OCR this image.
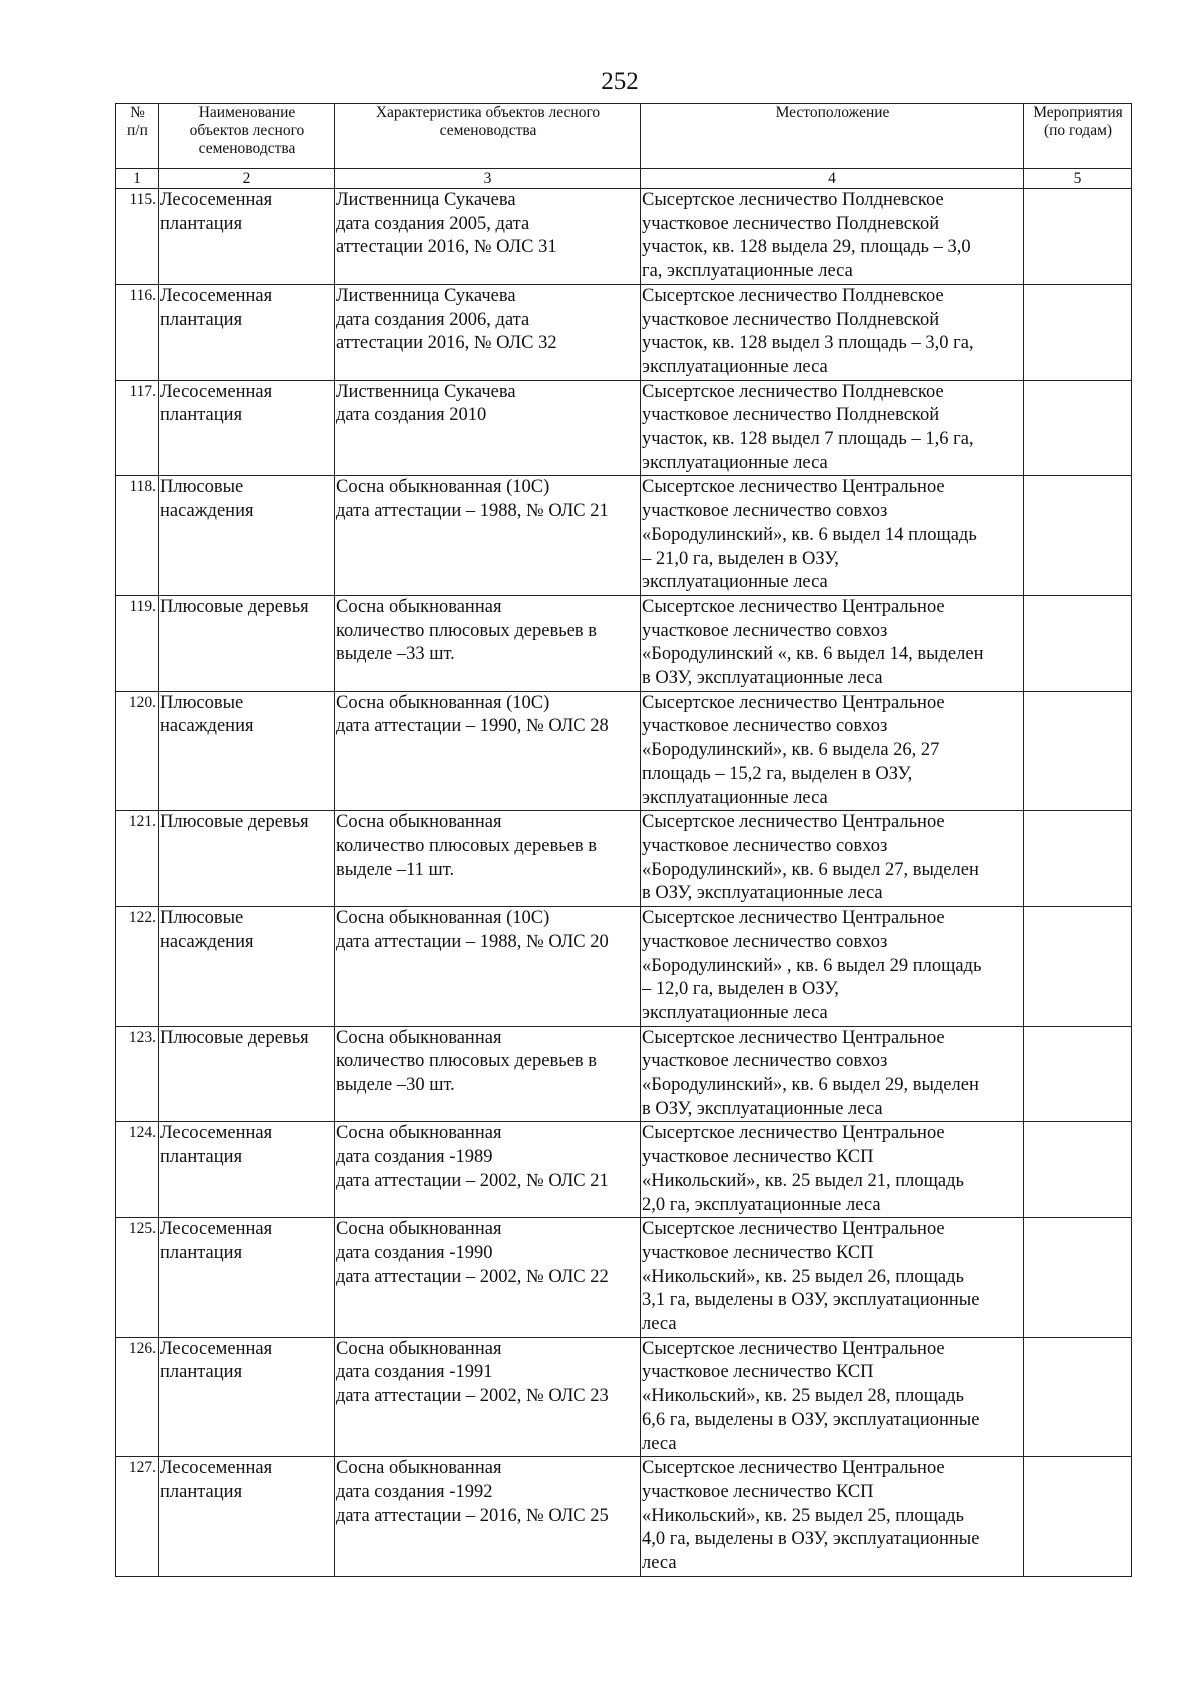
252
№
п/п	Наименование
объектов лесного
семеноводства	Характеристика объектов лесного
семеноводства	Местоположение	Мероприятия
(по годам)
1	2	3	4	5
115.	Лесосеменная
плантация	Лиственница Сукачева
дата создания 2005, дата
аттестации 2016, № ОЛС 31	Сысертское лесничество Полдневское
участковое лесничество Полдневской
участок, кв. 128 выдела 29, площадь – 3,0
га, эксплуатационные леса	
116.	Лесосеменная
плантация	Лиственница Сукачева
дата создания 2006, дата
аттестации 2016, № ОЛС 32	Сысертское лесничество Полдневское
участковое лесничество Полдневской
участок, кв. 128 выдел 3 площадь – 3,0 га,
эксплуатационные леса	
117.	Лесосеменная
плантация	Лиственница Сукачева
дата создания 2010	Сысертское лесничество Полдневское
участковое лесничество Полдневской
участок, кв. 128 выдел 7 площадь – 1,6 га,
эксплуатационные леса	
118.	Плюсовые
насаждения	Сосна обыкнованная (10С)
дата аттестации – 1988, № ОЛС 21	Сысертское лесничество Центральное
участковое лесничество совхоз
«Бородулинский», кв. 6 выдел 14 площадь
– 21,0 га, выделен в ОЗУ,
эксплуатационные леса	
119.	Плюсовые деревья	Сосна обыкнованная
количество плюсовых деревьев в
выделе –33 шт.	Сысертское лесничество Центральное
участковое лесничество совхоз
«Бородулинский «, кв. 6 выдел 14, выделен
в ОЗУ, эксплуатационные леса	
120.	Плюсовые
насаждения	Сосна обыкнованная (10С)
дата аттестации – 1990, № ОЛС 28	Сысертское лесничество Центральное
участковое лесничество совхоз
«Бородулинский», кв. 6 выдела 26, 27
площадь – 15,2 га, выделен в ОЗУ,
эксплуатационные леса	
121.	Плюсовые деревья	Сосна обыкнованная
количество плюсовых деревьев в
выделе –11 шт.	Сысертское лесничество Центральное
участковое лесничество совхоз
«Бородулинский», кв. 6 выдел 27, выделен
в ОЗУ, эксплуатационные леса	
122.	Плюсовые
насаждения	Сосна обыкнованная (10С)
дата аттестации – 1988, № ОЛС 20	Сысертское лесничество Центральное
участковое лесничество совхоз
«Бородулинский» , кв. 6 выдел 29 площадь
– 12,0 га, выделен в ОЗУ,
эксплуатационные леса	
123.	Плюсовые деревья	Сосна обыкнованная
количество плюсовых деревьев в
выделе –30 шт.	Сысертское лесничество Центральное
участковое лесничество совхоз
«Бородулинский», кв. 6 выдел 29, выделен
в ОЗУ, эксплуатационные леса	
124.	Лесосеменная
плантация	Сосна обыкнованная
дата создания -1989
дата аттестации – 2002, № ОЛС 21	Сысертское лесничество Центральное
участковое лесничество КСП
«Никольский», кв. 25 выдел 21, площадь
2,0 га, эксплуатационные леса	
125.	Лесосеменная
плантация	Сосна обыкнованная
дата создания -1990
дата аттестации – 2002, № ОЛС 22	Сысертское лесничество Центральное
участковое лесничество КСП
«Никольский», кв. 25 выдел 26, площадь
3,1 га, выделены в ОЗУ, эксплуатационные
леса	
126.	Лесосеменная
плантация	Сосна обыкнованная
дата создания -1991
дата аттестации – 2002, № ОЛС 23	Сысертское лесничество Центральное
участковое лесничество КСП
«Никольский», кв. 25 выдел 28, площадь
6,6 га, выделены в ОЗУ, эксплуатационные
леса	
127.	Лесосеменная
плантация	Сосна обыкнованная
дата создания -1992
дата аттестации – 2016, № ОЛС 25	Сысертское лесничество Центральное
участковое лесничество КСП
«Никольский», кв. 25 выдел 25, площадь
4,0 га, выделены в ОЗУ, эксплуатационные
леса	
